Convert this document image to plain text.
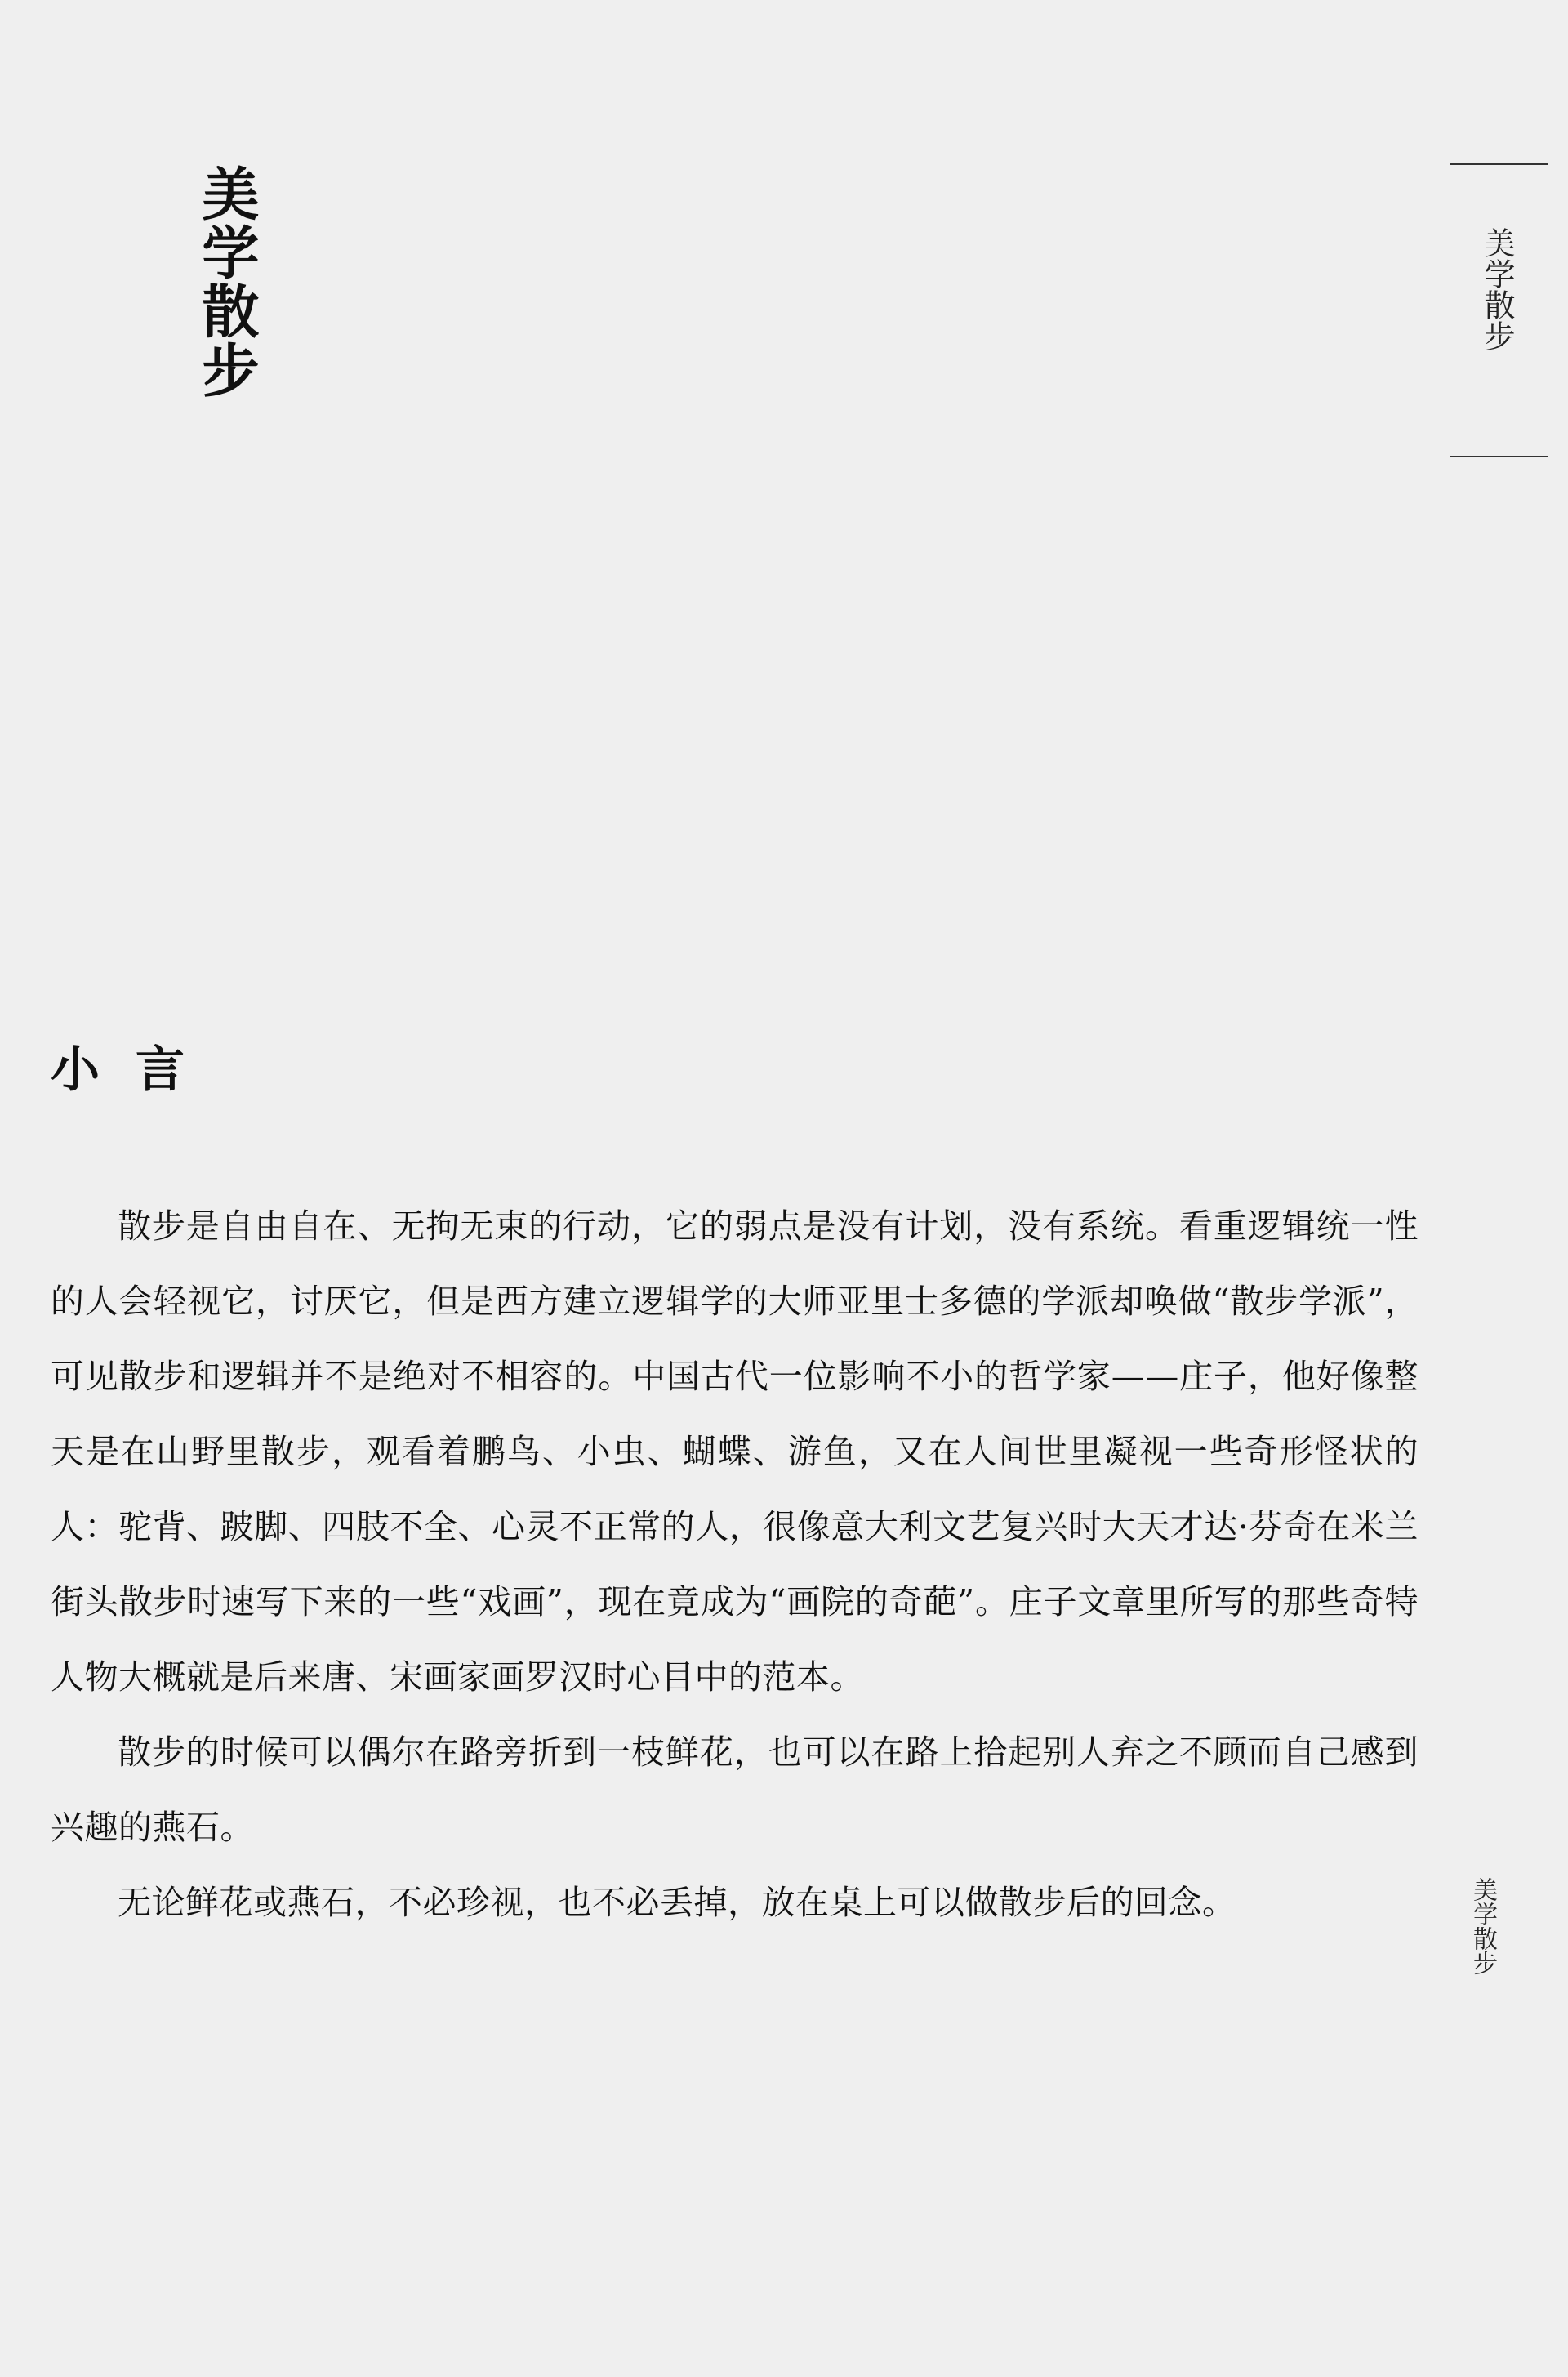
美学散步	美学散步
小言

散步是自由自在、无拘无束的行动，它的弱点是没有计划，没有系统。看重逻辑统一性的人会轻视它，讨厌它，但是西方建立逻辑学的大师亚里士多德的学派却唤做“散步学派”，可见散步和逻辑并不是绝对不相容的。中国古代一位影响不小的哲学家——庄子，他好像整天是在山野里散步，观看着鹏鸟、小虫、蝴蝶、游鱼，又在人间世里凝视一些奇形怪状的人：驼背、跛脚、四肢不全、心灵不正常的人，很像意大利文艺复兴时大天才达·芬奇在米兰街头散步时速写下来的一些“戏画”，现在竟成为“画院的奇葩”。庄子文章里所写的那些奇特人物大概就是后来唐、宋画家画罗汉时心目中的范本。

散步的时候可以偶尔在路旁折到一枝鲜花，也可以在路上拾起别人弃之不顾而自己感到兴趣的燕石。

无论鲜花或燕石，不必珍视，也不必丢掉，放在桌上可以做散步后的回念。	美学散步
